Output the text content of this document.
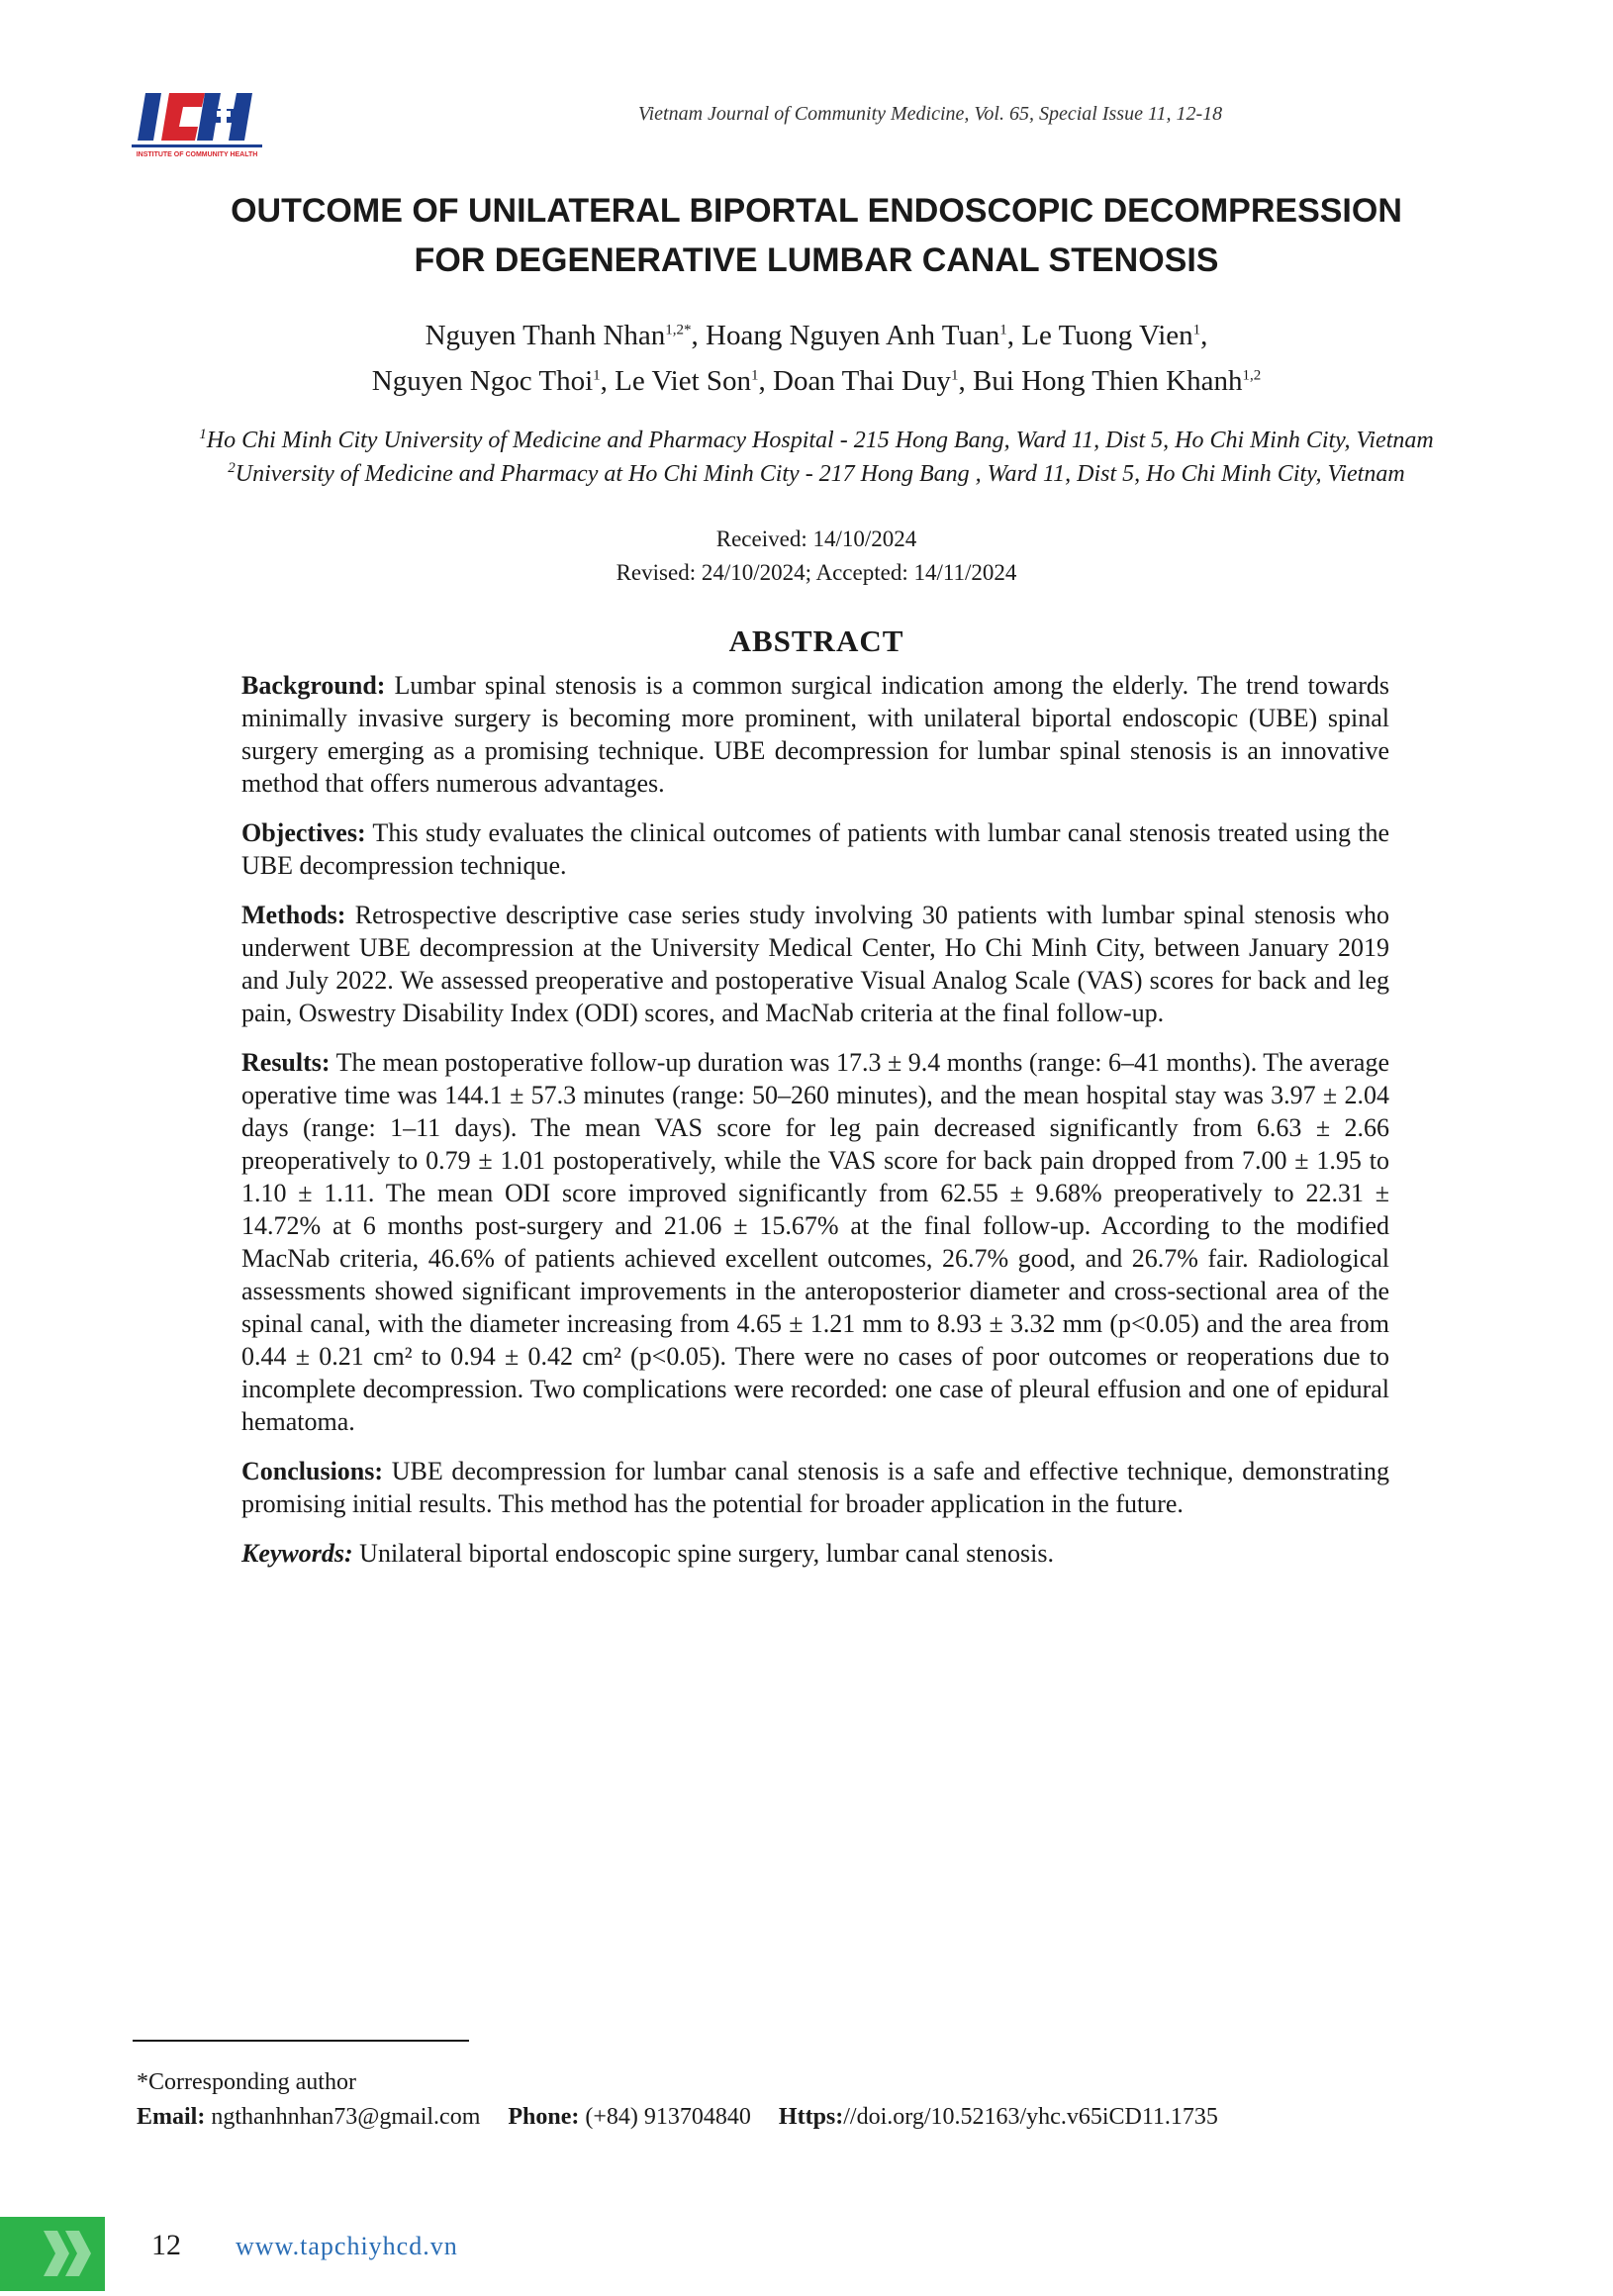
INSTITUTE OF COMMUNITY HEALTH
Vietnam Journal of Community Medicine, Vol. 65, Special Issue 11, 12-18
OUTCOME OF UNILATERAL BIPORTAL ENDOSCOPIC DECOMPRESSION
FOR DEGENERATIVE LUMBAR CANAL STENOSIS
Nguyen Thanh Nhan$^{1,2*}$, Hoang Nguyen Anh Tuan$^1$, Le Tuong Vien$^1$,
Nguyen Ngoc Thoi$^1$, Le Viet Son$^1$, Doan Thai Duy$^1$, Bui Hong Thien Khanh$^{1,2}$
$^1$Ho Chi Minh City University of Medicine and Pharmacy Hospital - 215 Hong Bang, Ward 11, Dist 5, Ho Chi Minh City, Vietnam
$^2$University of Medicine and Pharmacy at Ho Chi Minh City - 217 Hong Bang , Ward 11, Dist 5, Ho Chi Minh City, Vietnam
Received: 14/10/2024
Revised: 24/10/2024; Accepted: 14/11/2024
ABSTRACT

Background: Lumbar spinal stenosis is a common surgical indication among the elderly. The trend towards minimally invasive surgery is becoming more prominent, with unilateral biportal endoscopic (UBE) spinal surgery emerging as a promising technique. UBE decompression for lumbar spinal stenosis is an innovative method that offers numerous advantages.

Objectives: This study evaluates the clinical outcomes of patients with lumbar canal stenosis treated using the UBE decompression technique.

Methods: Retrospective descriptive case series study involving 30 patients with lumbar spinal stenosis who underwent UBE decompression at the University Medical Center, Ho Chi Minh City, between January 2019 and July 2022. We assessed preoperative and postoperative Visual Analog Scale (VAS) scores for back and leg pain, Oswestry Disability Index (ODI) scores, and MacNab criteria at the final follow-up.

Results: The mean postoperative follow-up duration was 17.3 ± 9.4 months (range: 6–41 months). The average operative time was 144.1 ± 57.3 minutes (range: 50–260 minutes), and the mean hospital stay was 3.97 ± 2.04 days (range: 1–11 days). The mean VAS score for leg pain decreased significantly from 6.63 ± 2.66 preoperatively to 0.79 ± 1.01 postoperatively, while the VAS score for back pain dropped from 7.00 ± 1.95 to 1.10 ± 1.11. The mean ODI score improved significantly from 62.55 ± 9.68% preoperatively to 22.31 ± 14.72% at 6 months post-surgery and 21.06 ± 15.67% at the final follow-up. According to the modified MacNab criteria, 46.6% of patients achieved excellent outcomes, 26.7% good, and 26.7% fair. Radiological assessments showed significant improvements in the anteroposterior diameter and cross-sectional area of the spinal canal, with the diameter increasing from 4.65 ± 1.21 mm to 8.93 ± 3.32 mm (p<0.05) and the area from 0.44 ± 0.21 cm² to 0.94 ± 0.42 cm² (p<0.05). There were no cases of poor outcomes or reoperations due to incomplete decompression. Two complications were recorded: one case of pleural effusion and one of epidural hematoma.

Conclusions: UBE decompression for lumbar canal stenosis is a safe and effective technique, demonstrating promising initial results. This method has the potential for broader application in the future.

Keywords: Unilateral biportal endoscopic spine surgery, lumbar canal stenosis.

*Corresponding author
Email: ngthanhnhan73@gmail.com Phone: (+84) 913704840 Https://doi.org/10.52163/yhc.v65iCD11.1735
12 www.tapchiyhcd.vn
